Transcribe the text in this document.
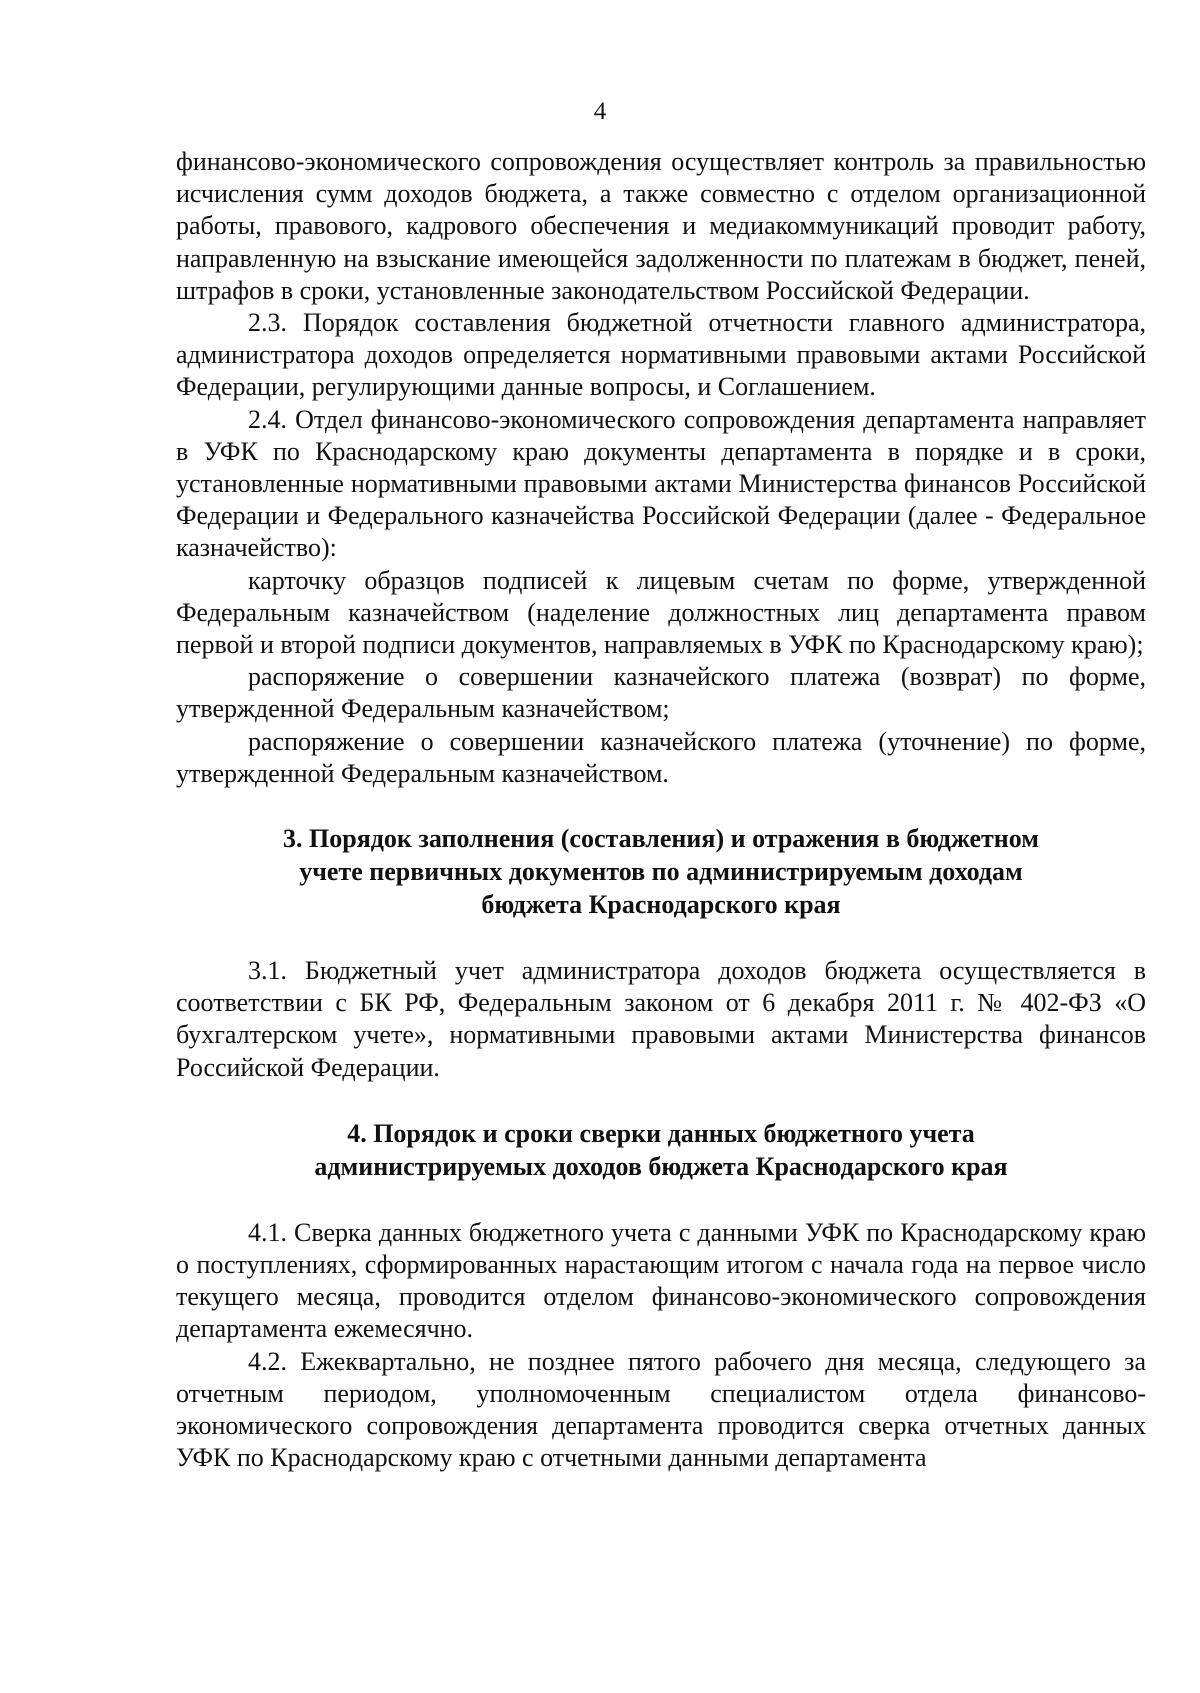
4

финансово-экономического сопровождения осуществляет контроль за правильностью исчисления сумм доходов бюджета, а также совместно с отделом организационной работы, правового, кадрового обеспечения и медиакоммуникаций проводит работу, направленную на взыскание имеющейся задолженности по платежам в бюджет, пеней, штрафов в сроки, установленные законодательством Российской Федерации.

2.3. Порядок составления бюджетной отчетности главного администратора, администратора доходов определяется нормативными правовыми актами Российской Федерации, регулирующими данные вопросы, и Соглашением.

2.4. Отдел финансово-экономического сопровождения департамента направляет в УФК по Краснодарскому краю документы департамента в порядке и в сроки, установленные нормативными правовыми актами Министерства финансов Российской Федерации и Федерального казначейства Российской Федерации (далее - Федеральное казначейство):

карточку образцов подписей к лицевым счетам по форме, утвержденной Федеральным казначейством (наделение должностных лиц департамента правом первой и второй подписи документов, направляемых в УФК по Краснодарскому краю);

распоряжение о совершении казначейского платежа (возврат) по форме, утвержденной Федеральным казначейством;

распоряжение о совершении казначейского платежа (уточнение) по форме, утвержденной Федеральным казначейством.

3. Порядок заполнения (составления) и отражения в бюджетном
учете первичных документов по администрируемым доходам
бюджета Краснодарского края

3.1. Бюджетный учет администратора доходов бюджета осуществляется в соответствии с БК РФ, Федеральным законом от 6 декабря 2011 г. № 402-ФЗ «О бухгалтерском учете», нормативными правовыми актами Министерства финансов Российской Федерации.

4. Порядок и сроки сверки данных бюджетного учета
администрируемых доходов бюджета Краснодарского края

4.1. Сверка данных бюджетного учета с данными УФК по Краснодарскому краю о поступлениях, сформированных нарастающим итогом с начала года на первое число текущего месяца, проводится отделом финансово-экономического сопровождения департамента ежемесячно.

4.2. Ежеквартально, не позднее пятого рабочего дня месяца, следующего за отчетным периодом, уполномоченным специалистом отдела финансово-экономического сопровождения департамента проводится сверка отчетных данных УФК по Краснодарскому краю с отчетными данными департамента
